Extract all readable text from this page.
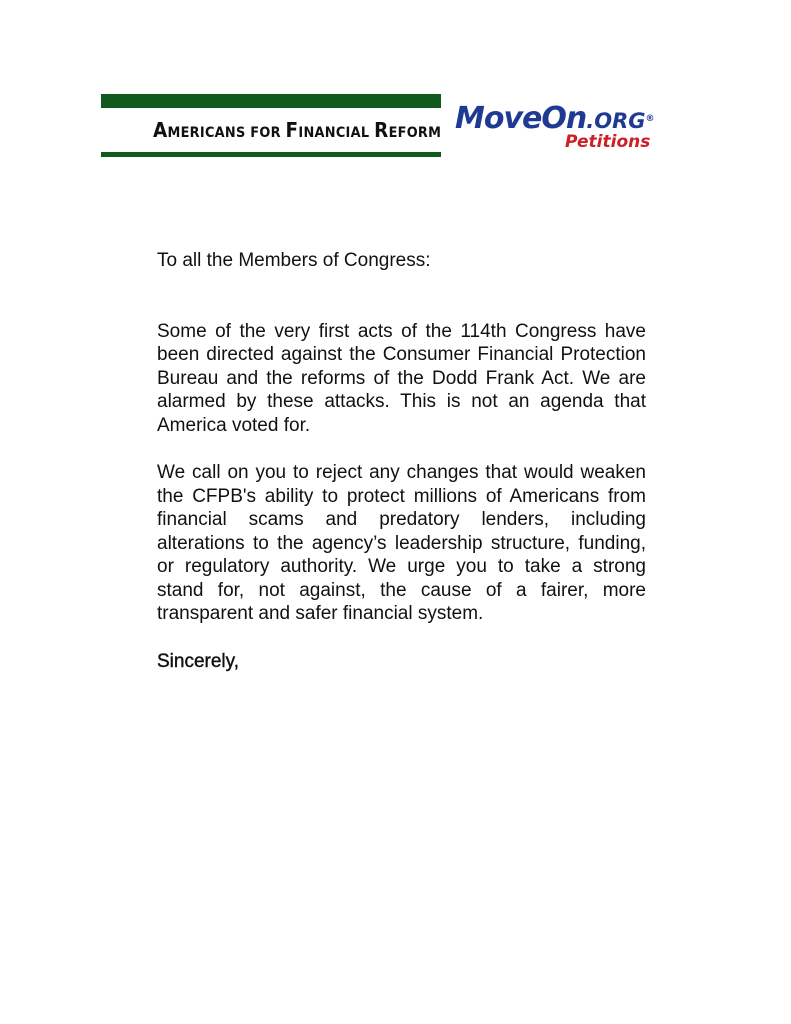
AMERICANS FOR FINANCIAL REFORM MoveOn.ORG®
Petitions

To all the Members of Congress:

Some of the very first acts of the 114th Congress have been directed against the Consumer Financial Protection Bureau and the reforms of the Dodd Frank Act. We are alarmed by these attacks. This is not an agenda that America voted for.

We call on you to reject any changes that would weaken the CFPB's ability to protect millions of Americans from financial scams and predatory lenders, including alterations to the agency’s leadership structure, funding, or regulatory authority. We urge you to take a strong stand for, not against, the cause of a fairer, more transparent and safer financial system.

Sincerely,
